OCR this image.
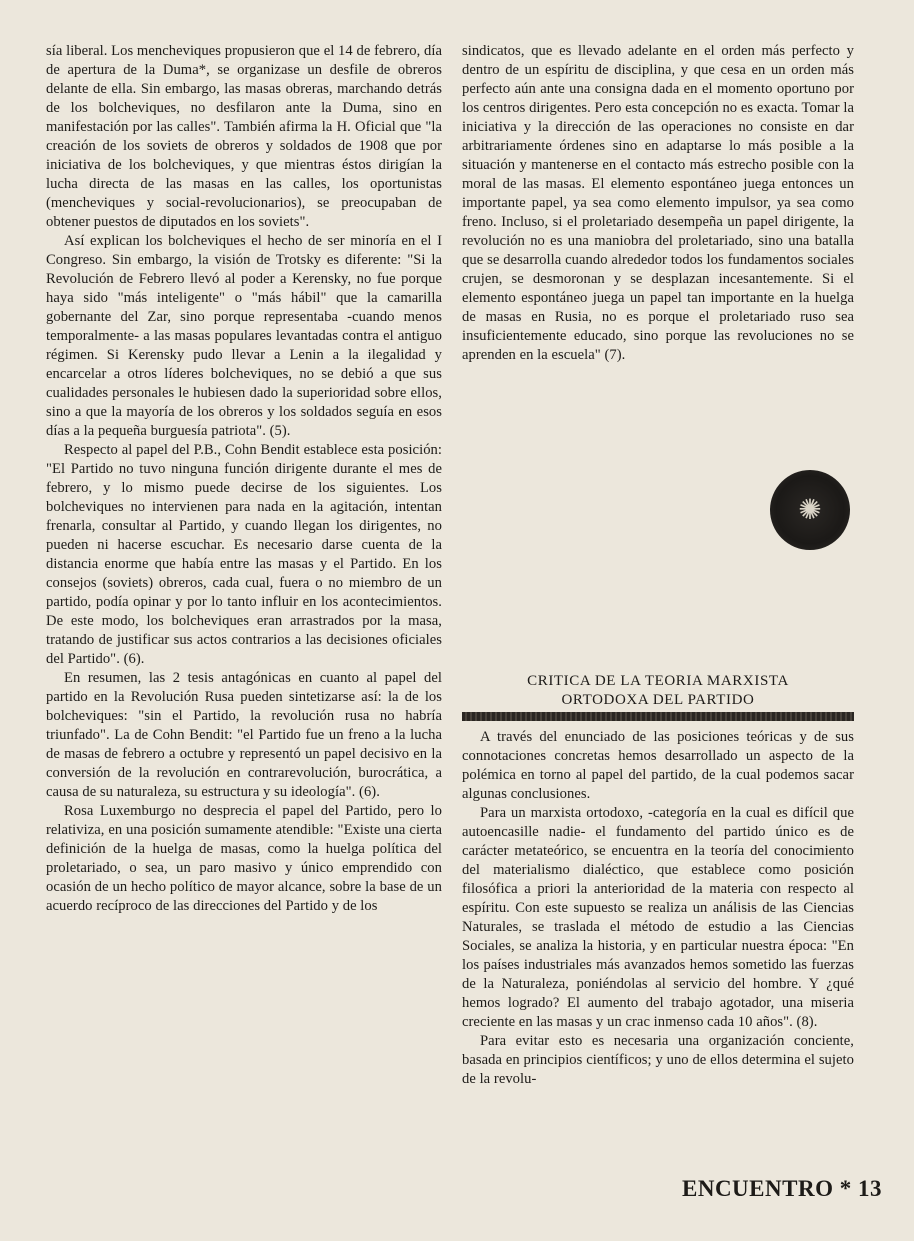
sía liberal. Los mencheviques propusieron que el 14 de febrero, día de apertura de la Duma*, se organizase un desfile de obreros delante de ella. Sin embargo, las masas obreras, marchando detrás de los bolcheviques, no desfilaron ante la Duma, sino en manifestación por las calles". También afirma la H. Oficial que "la creación de los soviets de obreros y soldados de 1908 que por iniciativa de los bolcheviques, y que mientras éstos dirigían la lucha directa de las masas en las calles, los oportunistas (mencheviques y social-revolucionarios), se preocupaban de obtener puestos de diputados en los soviets".

Así explican los bolcheviques el hecho de ser minoría en el I Congreso. Sin embargo, la visión de Trotsky es diferente: "Si la Revolución de Febrero llevó al poder a Kerensky, no fue porque haya sido "más inteligente" o "más hábil" que la camarilla gobernante del Zar, sino porque representaba -cuando menos temporalmente- a las masas populares levantadas contra el antiguo régimen. Si Kerensky pudo llevar a Lenin a la ilegalidad y encarcelar a otros líderes bolcheviques, no se debió a que sus cualidades personales le hubiesen dado la superioridad sobre ellos, sino a que la mayoría de los obreros y los soldados seguía en esos días a la pequeña burguesía patriota". (5).

Respecto al papel del P.B., Cohn Bendit establece esta posición: "El Partido no tuvo ninguna función dirigente durante el mes de febrero, y lo mismo puede decirse de los siguientes. Los bolcheviques no intervienen para nada en la agitación, intentan frenarla, consultar al Partido, y cuando llegan los dirigentes, no pueden ni hacerse escuchar. Es necesario darse cuenta de la distancia enorme que había entre las masas y el Partido. En los consejos (soviets) obreros, cada cual, fuera o no miembro de un partido, podía opinar y por lo tanto influir en los acontecimientos. De este modo, los bolcheviques eran arrastrados por la masa, tratando de justificar sus actos contrarios a las decisiones oficiales del Partido". (6).

En resumen, las 2 tesis antagónicas en cuanto al papel del partido en la Revolución Rusa pueden sintetizarse así: la de los bolcheviques: "sin el Partido, la revolución rusa no habría triunfado". La de Cohn Bendit: "el Partido fue un freno a la lucha de masas de febrero a octubre y representó un papel decisivo en la conversión de la revolución en contrarevolución, burocrática, a causa de su naturaleza, su estructura y su ideología". (6).

Rosa Luxemburgo no desprecia el papel del Partido, pero lo relativiza, en una posición sumamente atendible: "Existe una cierta definición de la huelga de masas, como la huelga política del proletariado, o sea, un paro masivo y único emprendido con ocasión de un hecho político de mayor alcance, sobre la base de un acuerdo recíproco de las direcciones del Partido y de los

sindicatos, que es llevado adelante en el orden más perfecto y dentro de un espíritu de disciplina, y que cesa en un orden más perfecto aún ante una consigna dada en el momento oportuno por los centros dirigentes. Pero esta concepción no es exacta. Tomar la iniciativa y la dirección de las operaciones no consiste en dar arbitrariamente órdenes sino en adaptarse lo más posible a la situación y mantenerse en el contacto más estrecho posible con la moral de las masas. El elemento espontáneo juega entonces un importante papel, ya sea como elemento impulsor, ya sea como freno. Incluso, si el proletariado desempeña un papel dirigente, la revolución no es una maniobra del proletariado, sino una batalla que se desarrolla cuando alrededor todos los fundamentos sociales crujen, se desmoronan y se desplazan incesantemente. Si el elemento espontáneo juega un papel tan importante en la huelga de masas en Rusia, no es porque el proletariado ruso sea insuficientemente educado, sino porque las revoluciones no se aprenden en la escuela" (7).

✺
CRITICA DE LA TEORIA MARXISTA
ORTODOXA DEL PARTIDO

A través del enunciado de las posiciones teóricas y de sus connotaciones concretas hemos desarrollado un aspecto de la polémica en torno al papel del partido, de la cual podemos sacar algunas conclusiones.

Para un marxista ortodoxo, -categoría en la cual es difícil que autoencasille nadie- el fundamento del partido único es de carácter metateórico, se encuentra en la teoría del conocimiento del materialismo dialéctico, que establece como posición filosófica a priori la anterioridad de la materia con respecto al espíritu. Con este supuesto se realiza un análisis de las Ciencias Naturales, se traslada el método de estudio a las Ciencias Sociales, se analiza la historia, y en particular nuestra época: "En los países industriales más avanzados hemos sometido las fuerzas de la Naturaleza, poniéndolas al servicio del hombre. Y ¿qué hemos logrado? El aumento del trabajo agotador, una miseria creciente en las masas y un crac inmenso cada 10 años". (8).

Para evitar esto es necesaria una organización conciente, basada en principios científicos; y uno de ellos determina el sujeto de la revolu-

ENCUENTRO * 13
